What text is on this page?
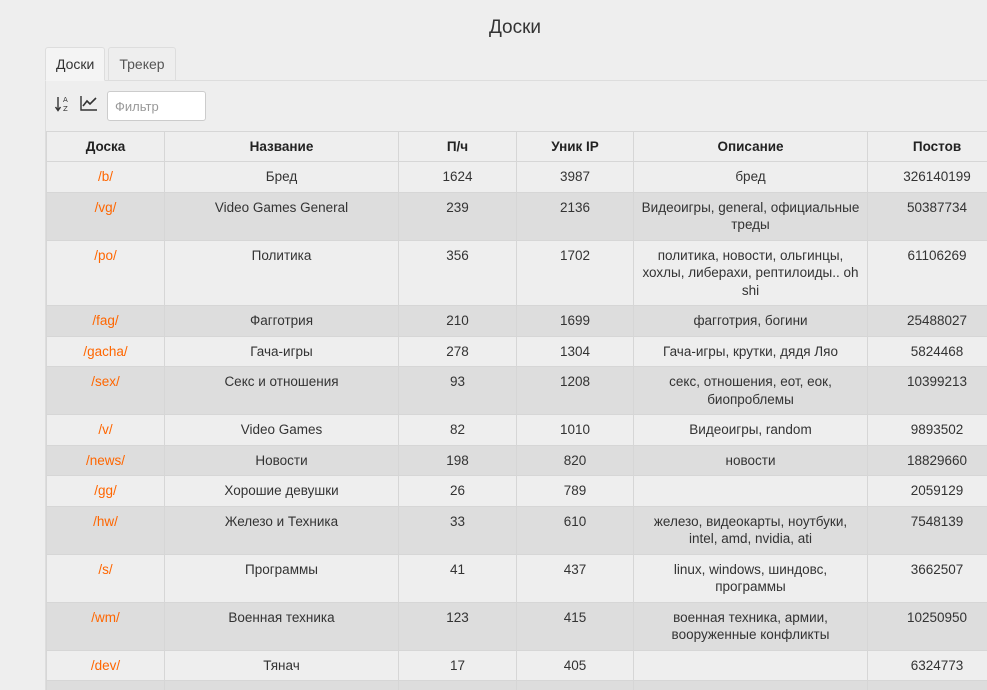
Доски
Доски	Трекер
A
Z
Фильтр
Доска	Название	П/ч	Уник IP	Описание	Постов
/b/	Бред	1624	3987	бред	326140199
/vg/	Video Games General	239	2136	Видеоигры, general, официальные треды	50387734
/po/	Политика	356	1702	политика, новости, ольгинцы, хохлы, либерахи, рептилоиды.. oh shi	61106269
/fag/	Фагготрия	210	1699	фагготрия, богини	25488027
/gacha/	Гача-игры	278	1304	Гача-игры, крутки, дядя Ляо	5824468
/sex/	Секс и отношения	93	1208	секс, отношения, еот, еок, биопроблемы	10399213
/v/	Video Games	82	1010	Видеоигры, random	9893502
/news/	Новости	198	820	новости	18829660
/gg/	Хорошие девушки	26	789		2059129
/hw/	Железо и Техника	33	610	железо, видеокарты, ноутбуки, intel, amd, nvidia, ati	7548139
/s/	Программы	41	437	linux, windows, шиндовс, программы	3662507
/wm/	Военная техника	123	415	военная техника, армии, вооруженные конфликты	10250950
/dev/	Тянач	17	405		6324773
